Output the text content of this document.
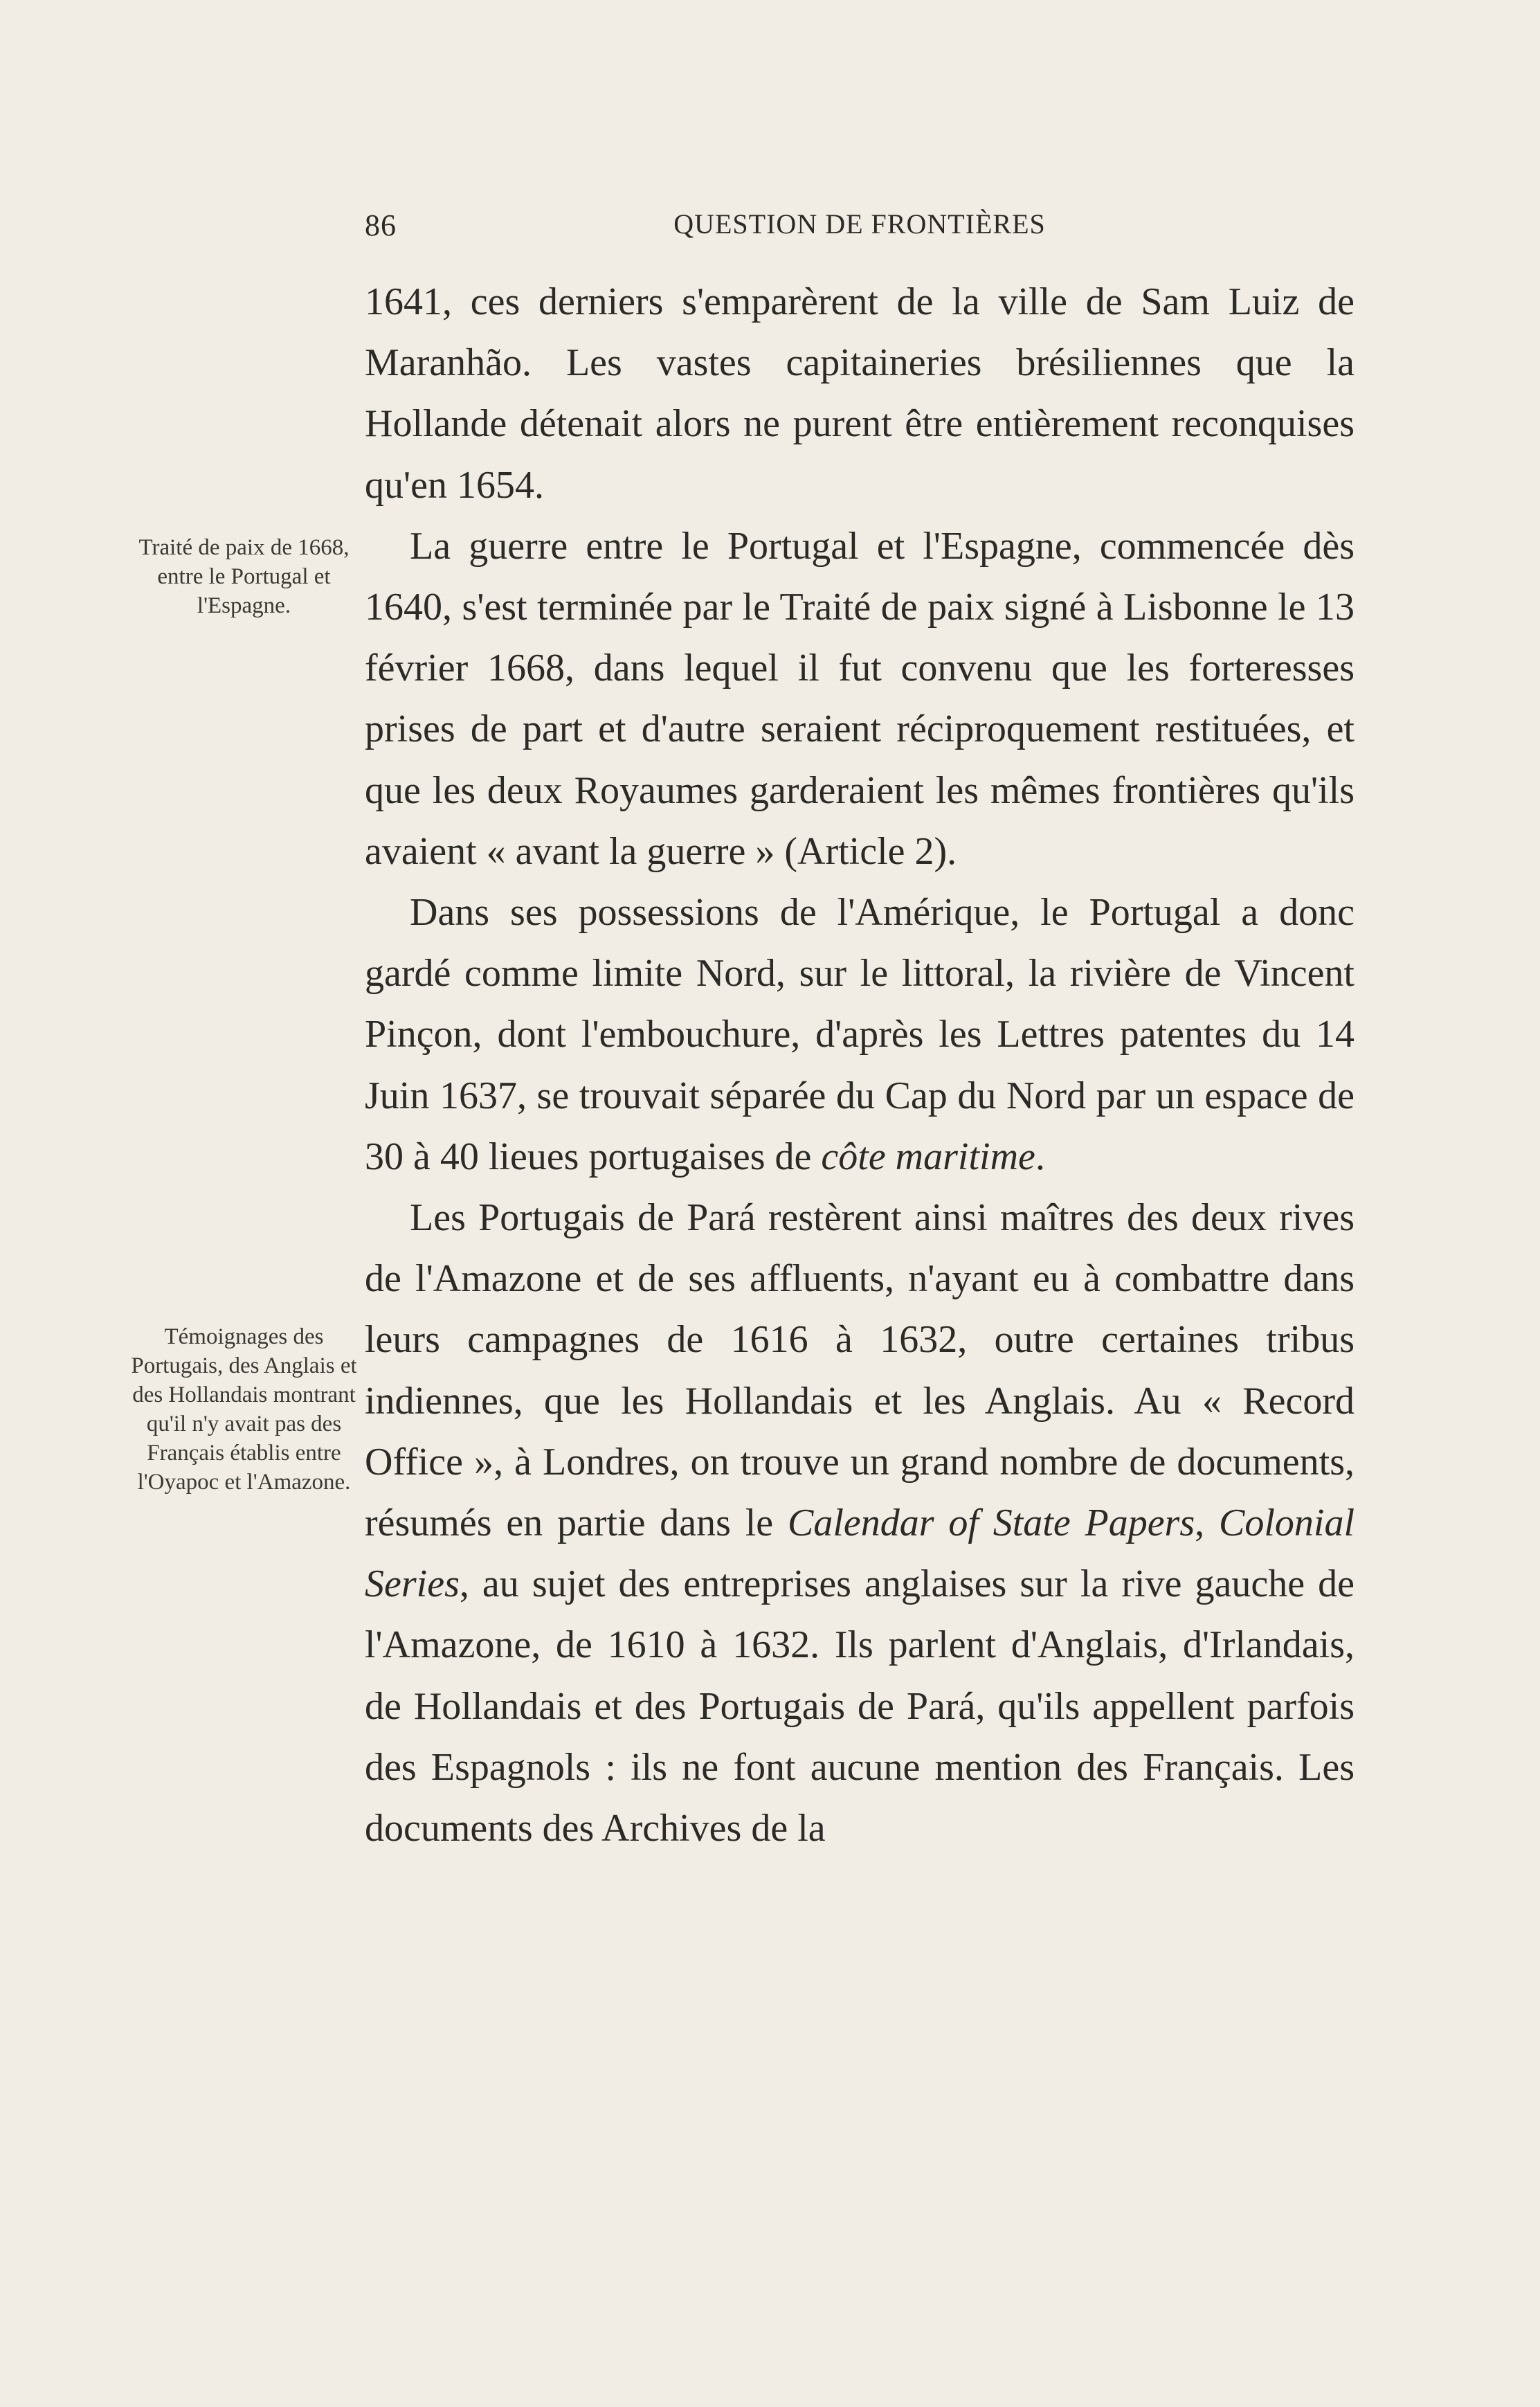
86	QUESTION DE FRONTIÈRES
Traité de paix de 1668, entre le Portugal et l'Espagne.
Témoignages des Portugais, des Anglais et des Hollandais montrant qu'il n'y avait pas des Français établis entre l'Oyapoc et l'Amazone.

1641, ces derniers s'emparèrent de la ville de Sam Luiz de Maranhão. Les vastes capitaineries brésiliennes que la Hollande détenait alors ne purent être entièrement reconquises qu'en 1654.

La guerre entre le Portugal et l'Espagne, commencée dès 1640, s'est terminée par le Traité de paix signé à Lisbonne le 13 février 1668, dans lequel il fut convenu que les forteresses prises de part et d'autre seraient réciproquement restituées, et que les deux Royaumes garderaient les mêmes frontières qu'ils avaient « avant la guerre » (Article 2).

Dans ses possessions de l'Amérique, le Portugal a donc gardé comme limite Nord, sur le littoral, la rivière de Vincent Pinçon, dont l'embouchure, d'après les Lettres patentes du 14 Juin 1637, se trouvait séparée du Cap du Nord par un espace de 30 à 40 lieues portugaises de côte maritime.

Les Portugais de Pará restèrent ainsi maîtres des deux rives de l'Amazone et de ses affluents, n'ayant eu à combattre dans leurs campagnes de 1616 à 1632, outre certaines tribus indiennes, que les Hollandais et les Anglais. Au « Record Office », à Londres, on trouve un grand nombre de documents, résumés en partie dans le Calendar of State Papers, Colonial Series, au sujet des entreprises anglaises sur la rive gauche de l'Amazone, de 1610 à 1632. Ils parlent d'Anglais, d'Irlandais, de Hollandais et des Portugais de Pará, qu'ils appellent parfois des Espagnols : ils ne font aucune mention des Français. Les documents des Archives de la
